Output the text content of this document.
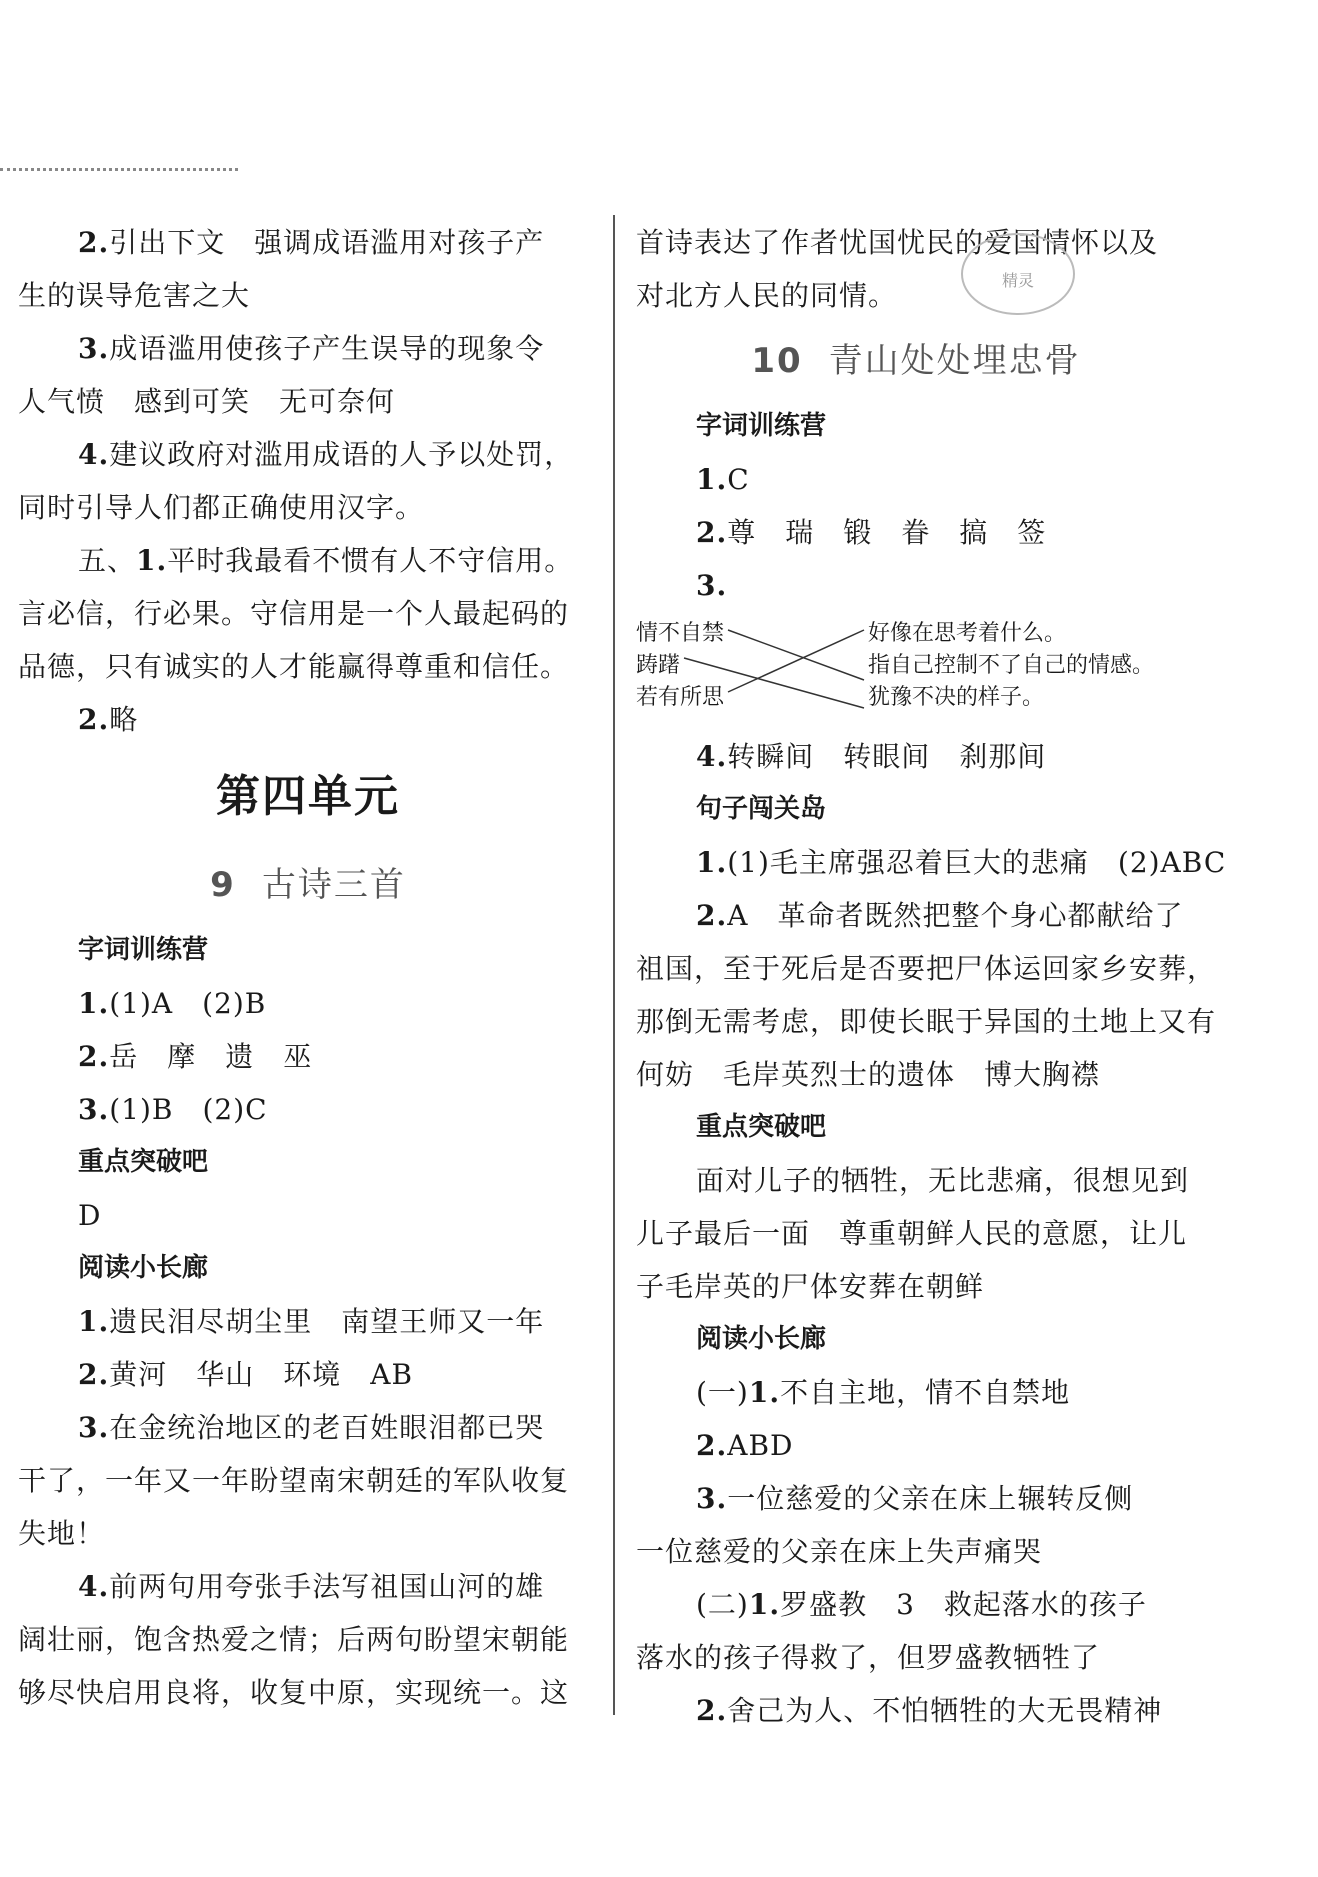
2.引出下文　强调成语滥用对孩子产

生的误导危害之大

3.成语滥用使孩子产生误导的现象令

人气愤　感到可笑　无可奈何

4.建议政府对滥用成语的人予以处罚，

同时引导人们都正确使用汉字。

五、1.平时我最看不惯有人不守信用。

言必信，行必果。守信用是一个人最起码的

品德，只有诚实的人才能赢得尊重和信任。

2.略

第四单元
9 古诗三首

字词训练营

1.(1)A　(2)B

2.岳　摩　遗　巫

3.(1)B　(2)C

重点突破吧

D

阅读小长廊

1.遗民泪尽胡尘里　南望王师又一年

2.黄河　华山　环境　AB

3.在金统治地区的老百姓眼泪都已哭

干了，一年又一年盼望南宋朝廷的军队收复

失地！

4.前两句用夸张手法写祖国山河的雄

阔壮丽，饱含热爱之情；后两句盼望宋朝能

够尽快启用良将，收复中原，实现统一。这

首诗表达了作者忧国忧民的爱国情怀以及

对北方人民的同情。

10 青山处处埋忠骨

字词训练营

1.C

2.尊　瑞　锻　眷　搞　签

3.

情不自禁
踌躇
若有所思
好像在思考着什么。
指自己控制不了自己的情感。
犹豫不决的样子。

4.转瞬间　转眼间　刹那间

句子闯关岛

1.(1)毛主席强忍着巨大的悲痛　(2)ABC

2.A　革命者既然把整个身心都献给了

祖国，至于死后是否要把尸体运回家乡安葬，

那倒无需考虑，即使长眠于异国的土地上又有

何妨　毛岸英烈士的遗体　博大胸襟

重点突破吧

面对儿子的牺牲，无比悲痛，很想见到

儿子最后一面　尊重朝鲜人民的意愿，让儿

子毛岸英的尸体安葬在朝鲜

阅读小长廊

(一)1.不自主地，情不自禁地

2.ABD

3.一位慈爱的父亲在床上辗转反侧

一位慈爱的父亲在床上失声痛哭

(二)1.罗盛教　3　救起落水的孩子

落水的孩子得救了，但罗盛教牺牲了

2.舍己为人、不怕牺牲的大无畏精神

精灵
